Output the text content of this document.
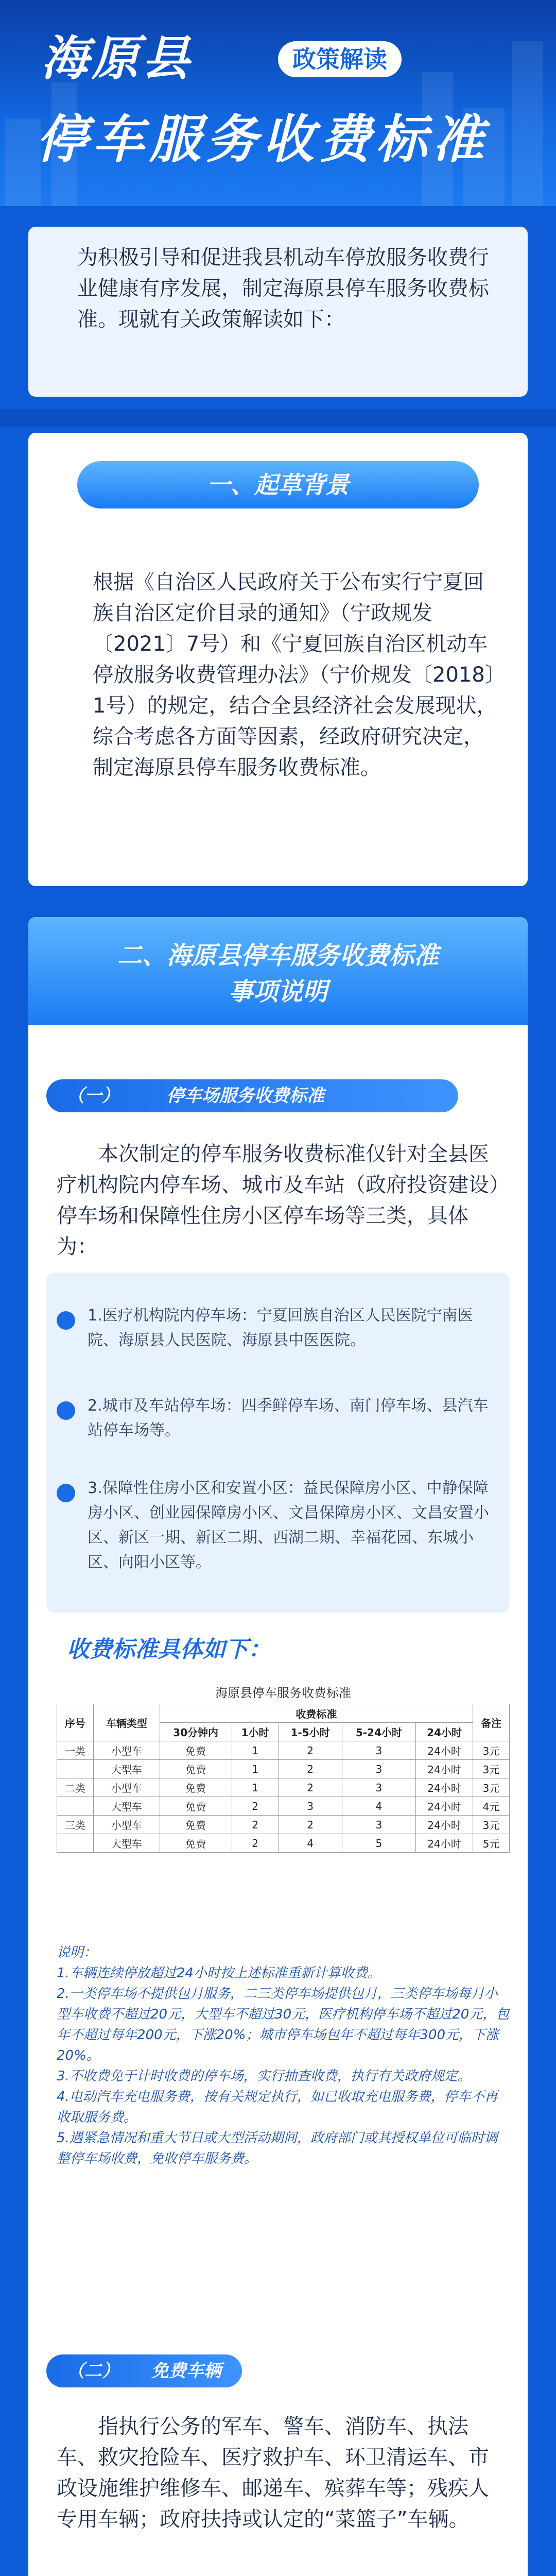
海原县	政策解读
停车服务收费标准
为积极引导和促进我县机动车停放服务收费行业健康有序发展，制定海原县停车服务收费标准。现就有关政策解读如下：
一、起草背景
根据《自治区人民政府关于公布实行宁夏回族自治区定价目录的通知》（宁政规发〔2021〕7号）和《宁夏回族自治区机动车停放服务收费管理办法》（宁价规发〔2018〕1号）的规定，结合全县经济社会发展现状，综合考虑各方面等因素，经政府研究决定，制定海原县停车服务收费标准。
二、海原县停车服务收费标准
事项说明
（一）	停车场服务收费标准
本次制定的停车服务收费标准仅针对全县医疗机构院内停车场、城市及车站（政府投资建设）停车场和保障性住房小区停车场等三类，具体为：
1.医疗机构院内停车场：宁夏回族自治区人民医院宁南医院、海原县人民医院、海原县中医医院。
2.城市及车站停车场：四季鲜停车场、南门停车场、县汽车站停车场等。
3.保障性住房小区和安置小区：益民保障房小区、中静保障房小区、创业园保障房小区、文昌保障房小区、文昌安置小区、新区一期、新区二期、西湖二期、幸福花园、东城小区、向阳小区等。
收费标准具体如下：
海原县停车服务收费标准
序号	车辆类型	收费标准					备注
		30分钟内	1小时	1-5小时	5-24小时	24小时	
一类	小型车	免费	1	2	3	24小时	3元
	大型车	免费	1	2	3	24小时	3元
二类	小型车	免费	1	2	3	24小时	3元
	大型车	免费	2	3	4	24小时	4元
三类	小型车	免费	2	2	3	24小时	3元
	大型车	免费	2	4	5	24小时	5元
说明：
1.车辆连续停放超过24小时按上述标准重新计算收费。
2.一类停车场不提供包月服务，二三类停车场提供包月，三类停车场每月小型车收费不超过20元，大型车不超过30元，医疗机构停车场不超过20元，包年不超过每年200元，下涨20%；城市停车场包年不超过每年300元，下涨20%。
3.不收费免于计时收费的停车场，实行抽查收费，执行有关政府规定。
4.电动汽车充电服务费，按有关规定执行，如已收取充电服务费，停车不再收取服务费。
5.遇紧急情况和重大节日或大型活动期间，政府部门或其授权单位可临时调整停车场收费，免收停车服务费。
（二） 免费车辆
指执行公务的军车、警车、消防车、执法车、救灾抢险车、医疗救护车、环卫清运车、市政设施维护维修车、邮递车、殡葬车等；残疾人专用车辆；政府扶持或认定的“菜篮子”车辆。
